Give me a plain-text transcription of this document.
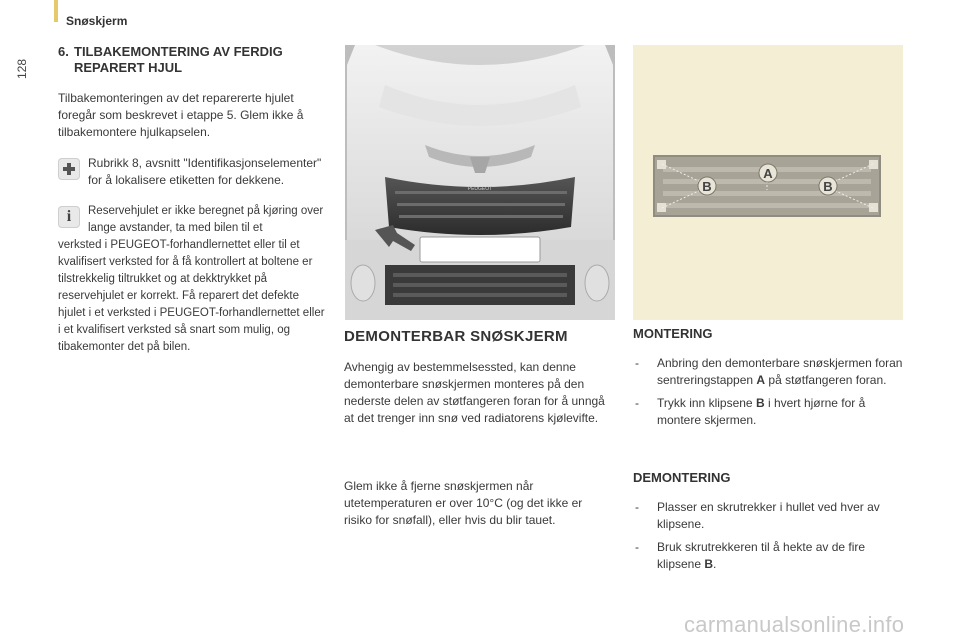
128
Snøskjerm
6. TILBAKEMONTERING AV FERDIG
REPARERT HJUL

Tilbakemonteringen av det reparererte hjulet foregår som beskrevet i etappe 5. Glem ikke å tilbakemontere hjulkapselen.

Rubrikk 8, avsnitt "Identifikasjonselementer" for å lokalisere etiketten for dekkene.
i	Reservehjulet er ikke beregnet på kjøring over lange avstander, ta med bilen til et
verksted i PEUGEOT-forhandlernettet eller til et kvalifisert verksted for å få kontrollert at boltene er tilstrekkelig tiltrukket og at dekktrykket på reservehjulet er korrekt. Få reparert det defekte hjulet i et verksted i PEUGEOT-forhandlernettet eller i et kvalifisert verksted så snart som mulig, og tibakemonter det på bilen.
PEUGEOT	B
A
B
DEMONTERBAR SNØSKJERM

Avhengig av bestemmelsessted, kan denne demonterbare snøskjermen monteres på den nederste delen av støtfangeren foran for å unngå at det trenger inn snø ved radiatorens kjølevifte.

Glem ikke å fjerne snøskjermen når utetemperaturen er over 10°C (og det ikke er risiko for snøfall), eller hvis du blir tauet.

MONTERING
- Anbring den demonterbare snøskjermen foran sentreringstappen A på støtfangeren foran.
- Trykk inn klipsene B i hvert hjørne for å montere skjermen.
DEMONTERING
- Plasser en skrutrekker i hullet ved hver av klipsene.
- Bruk skrutrekkeren til å hekte av de fire klipsene B.
carmanualsonline.info
